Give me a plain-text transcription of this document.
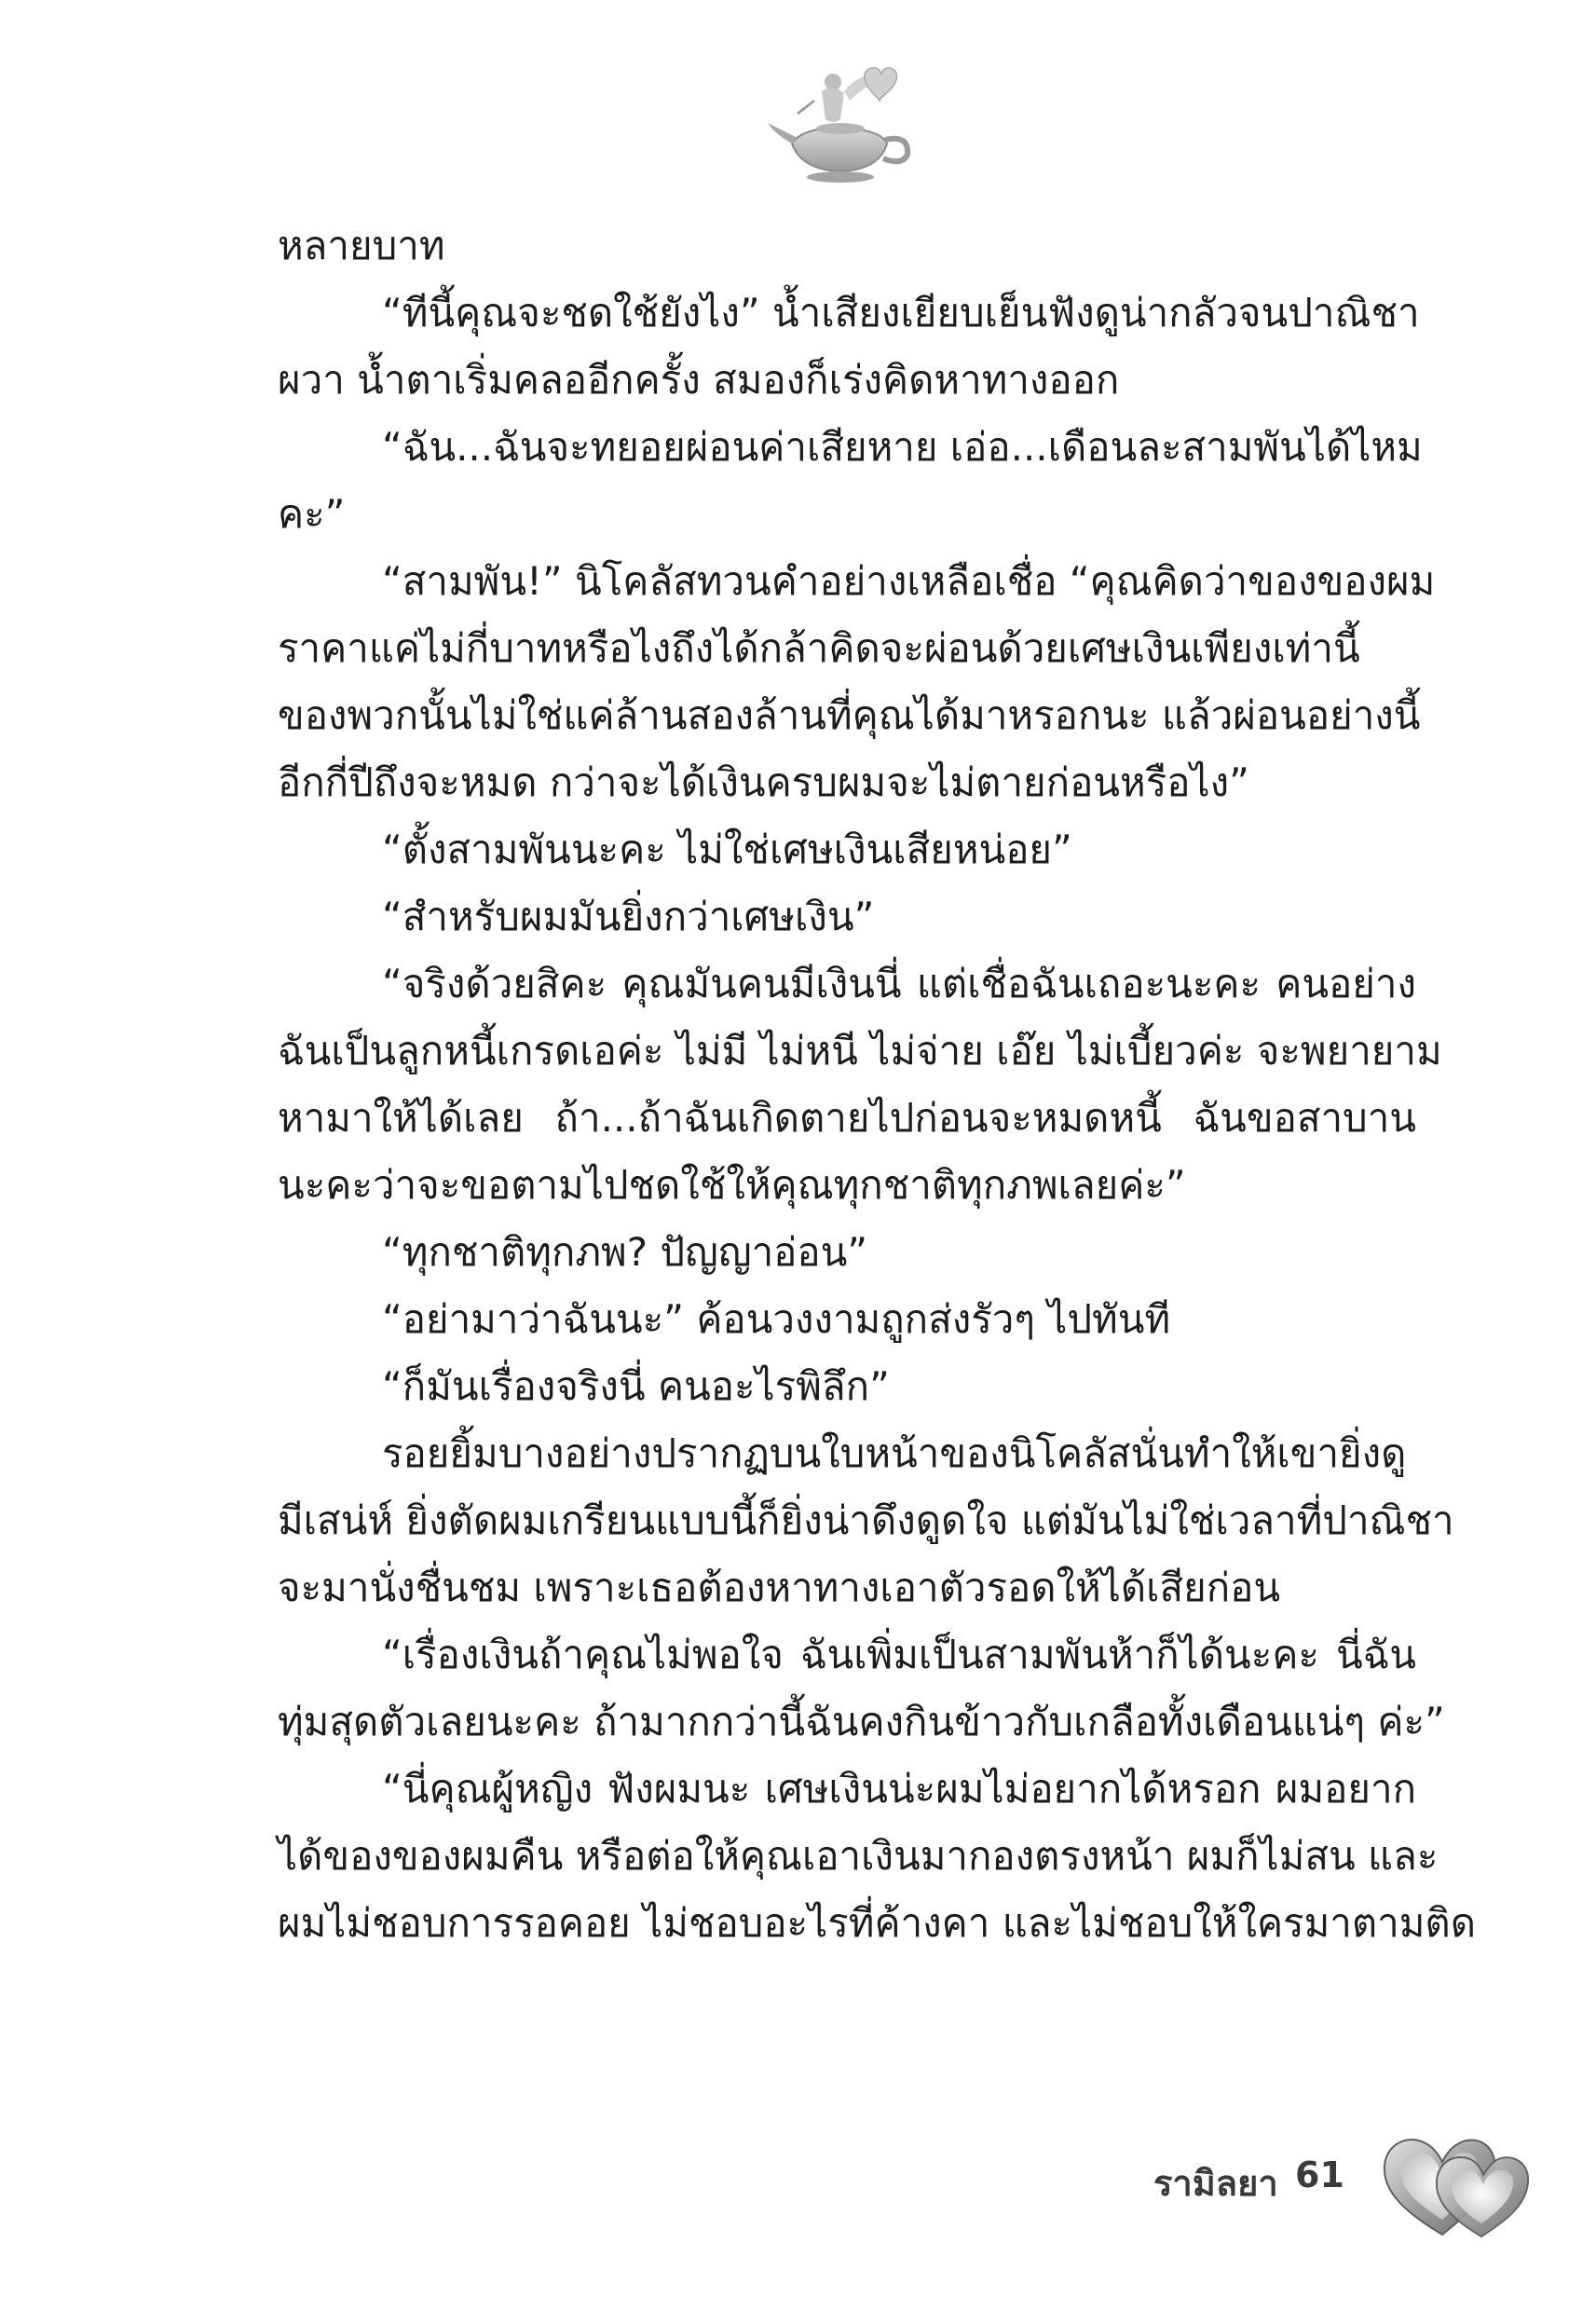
หลายบาท
“ทีนี้คุณจะชดใช้ยังไง” น้ำเสียงเยียบเย็นฟังดูน่ากลัวจนปาณิชา
ผวา น้ำตาเริ่มคลออีกครั้ง สมองก็เร่งคิดหาทางออก
“ฉัน...ฉันจะทยอยผ่อนค่าเสียหาย เอ่อ...เดือนละสามพันได้ไหม
คะ”
“สามพัน!” นิโคลัสทวนคำอย่างเหลือเชื่อ “คุณคิดว่าของของผม
ราคาแค่ไม่กี่บาทหรือไงถึงได้กล้าคิดจะผ่อนด้วยเศษเงินเพียงเท่านี้
ของพวกนั้นไม่ใช่แค่ล้านสองล้านที่คุณได้มาหรอกนะ แล้วผ่อนอย่างนี้
อีกกี่ปีถึงจะหมด กว่าจะได้เงินครบผมจะไม่ตายก่อนหรือไง”
“ตั้งสามพันนะคะ ไม่ใช่เศษเงินเสียหน่อย”
“สำหรับผมมันยิ่งกว่าเศษเงิน”
“จริงด้วยสิคะ คุณมันคนมีเงินนี่ แต่เชื่อฉันเถอะนะคะ คนอย่าง
ฉันเป็นลูกหนี้เกรดเอค่ะ ไม่มี ไม่หนี ไม่จ่าย เอ๊ย ไม่เบี้ยวค่ะ จะพยายาม
หามาให้ได้เลย ถ้า...ถ้าฉันเกิดตายไปก่อนจะหมดหนี้ ฉันขอสาบาน
นะคะว่าจะขอตามไปชดใช้ให้คุณทุกชาติทุกภพเลยค่ะ”
“ทุกชาติทุกภพ? ปัญญาอ่อน”
“อย่ามาว่าฉันนะ” ค้อนวงงามถูกส่งรัวๆ ไปทันที
“ก็มันเรื่องจริงนี่ คนอะไรพิลึก”
รอยยิ้มบางอย่างปรากฏบนใบหน้าของนิโคลัสนั่นทำให้เขายิ่งดู
มีเสน่ห์ ยิ่งตัดผมเกรียนแบบนี้ก็ยิ่งน่าดึงดูดใจ แต่มันไม่ใช่เวลาที่ปาณิชา
จะมานั่งชื่นชม เพราะเธอต้องหาทางเอาตัวรอดให้ได้เสียก่อน
“เรื่องเงินถ้าคุณไม่พอใจ ฉันเพิ่มเป็นสามพันห้าก็ได้นะคะ นี่ฉัน
ทุ่มสุดตัวเลยนะคะ ถ้ามากกว่านี้ฉันคงกินข้าวกับเกลือทั้งเดือนแน่ๆ ค่ะ”
“นี่คุณผู้หญิง ฟังผมนะ เศษเงินน่ะผมไม่อยากได้หรอก ผมอยาก
ได้ของของผมคืน หรือต่อให้คุณเอาเงินมากองตรงหน้า ผมก็ไม่สน และ
ผมไม่ชอบการรอคอย ไม่ชอบอะไรที่ค้างคา และไม่ชอบให้ใครมาตามติด
รามิลยา 61
